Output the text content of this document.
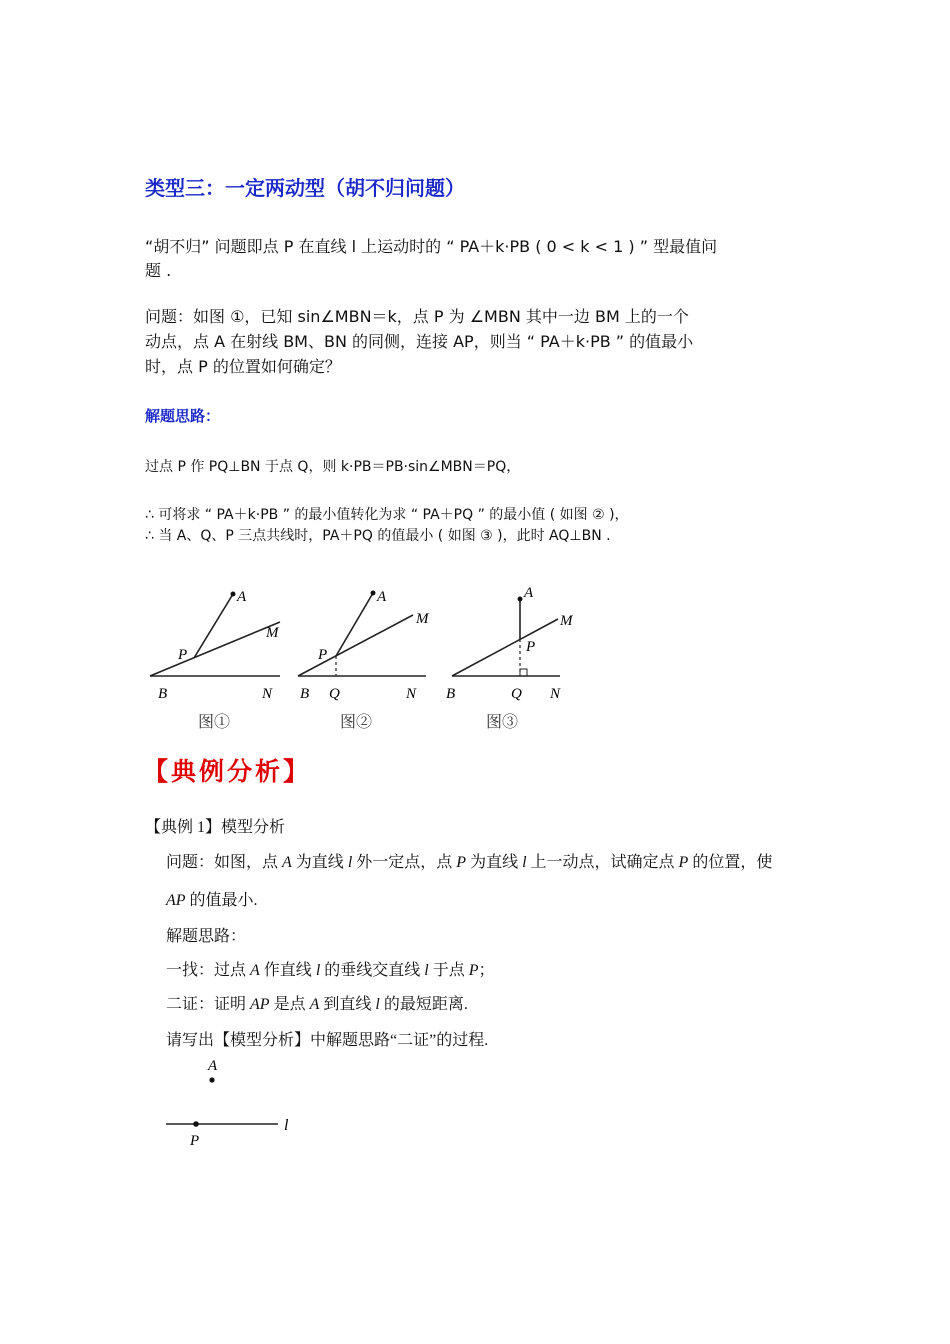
类型三：一定两动型（胡不归问题）
“胡不归” 问题即点 P 在直线 l 上运动时的 “ PA＋k·PB ( 0 < k < 1 ) ” 型最值问
题 .
问题：如图 ①，已知 sin∠MBN＝k，点 P 为 ∠MBN 其中一边 BM 上的一个
动点，点 A 在射线 BM、BN 的同侧，连接 AP，则当 “ PA＋k·PB ” 的值最小
时，点 P 的位置如何确定？
解题思路：
过点 P 作 PQ⊥BN 于点 Q，则 k·PB＝PB·sin∠MBN＝PQ，
∴ 可将求 “ PA＋k·PB ” 的最小值转化为求 “ PA＋PQ ” 的最小值 ( 如图 ② )，
∴ 当 A、Q、P 三点共线时，PA＋PQ 的值最小 ( 如图 ③ )，此时 AQ⊥BN .
A
P
B	N
M
图①
A
P
B Q	N
M
图②
A
P
B	Q N
M
图③
【典例分析】
【典例 1】模型分析
问题：如图，点 A 为直线 l 外一定点，点 P 为直线 l 上一动点，试确定点 P 的位置，使
AP 的值最小.
解题思路：
一找：过点 A 作直线 l 的垂线交直线 l 于点 P；
二证：证明 AP 是点 A 到直线 l 的最短距离.
请写出【模型分析】中解题思路“二证”的过程.
A
P
l
